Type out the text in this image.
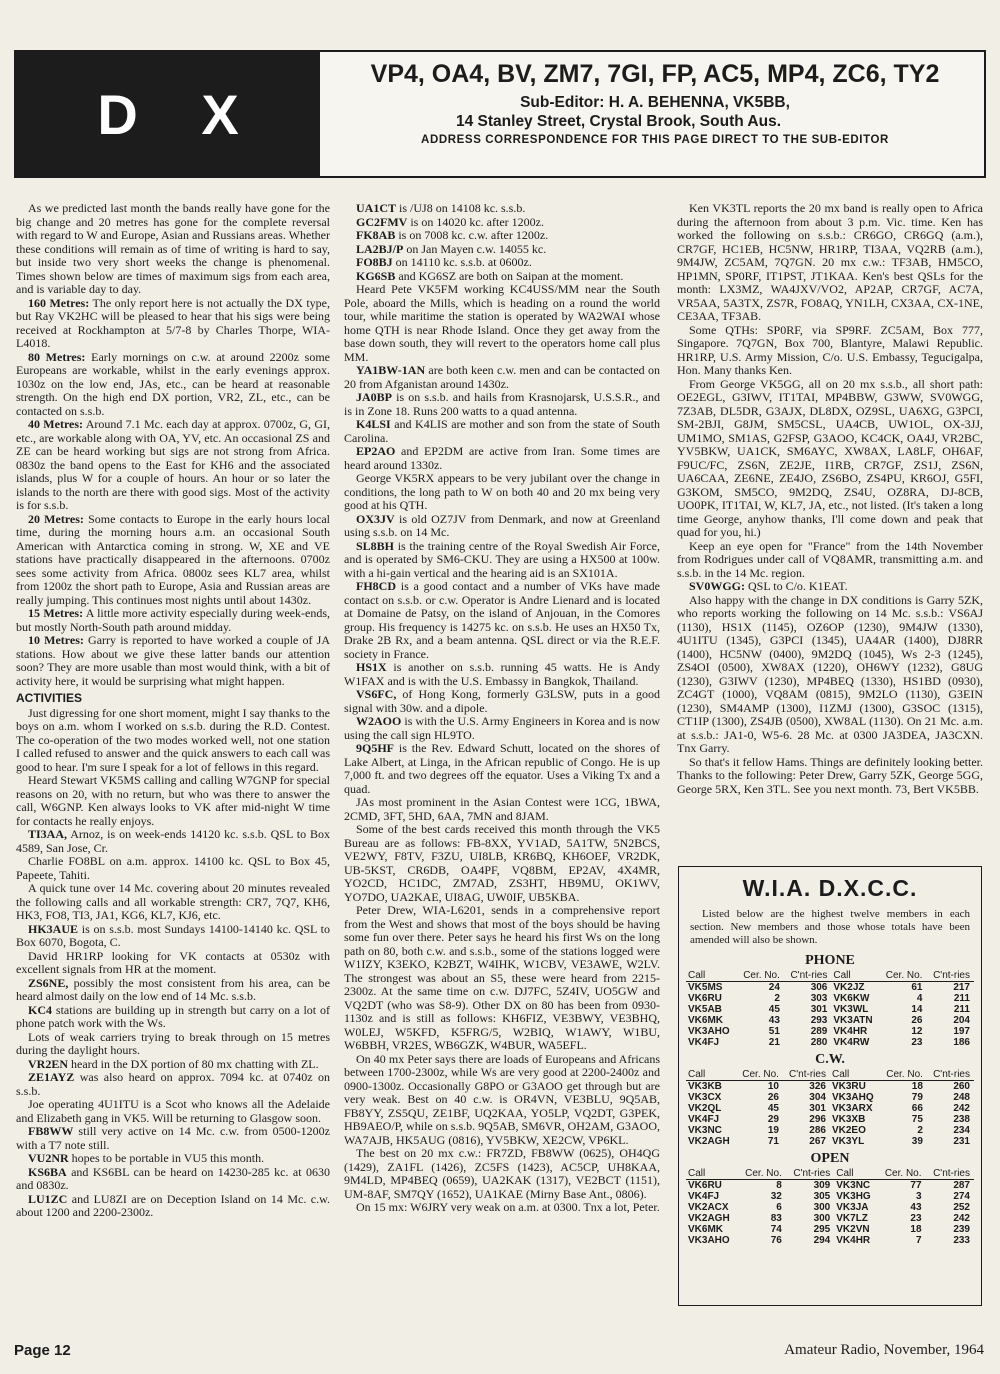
D X
VP4, OA4, BV, ZM7, 7GI, FP, AC5, MP4, ZC6, TY2
Sub-Editor: H. A. BEHENNA, VK5BB,
14 Stanley Street, Crystal Brook, South Aus.
ADDRESS CORRESPONDENCE FOR THIS PAGE DIRECT TO THE SUB-EDITOR

As we predicted last month the bands really have gone for the big change and 20 metres has gone for the complete reversal with regard to W and Europe, Asian and Russians areas. Whether these conditions will remain as of time of writing is hard to say, but inside two very short weeks the change is phenomenal. Times shown below are times of maximum sigs from each area, and is variable day to day.

160 Metres: The only report here is not actually the DX type, but Ray VK2HC will be pleased to hear that his sigs were being received at Rockhampton at 5/7-8 by Charles Thorpe, WIA-L4018.

80 Metres: Early mornings on c.w. at around 2200z some Europeans are workable, whilst in the early evenings approx. 1030z on the low end, JAs, etc., can be heard at reasonable strength. On the high end DX portion, VR2, ZL, etc., can be contacted on s.s.b.

40 Metres: Around 7.1 Mc. each day at approx. 0700z, G, GI, etc., are workable along with OA, YV, etc. An occasional ZS and ZE can be heard working but sigs are not strong from Africa. 0830z the band opens to the East for KH6 and the associated islands, plus W for a couple of hours. An hour or so later the islands to the north are there with good sigs. Most of the activity is for s.s.b.

20 Metres: Some contacts to Europe in the early hours local time, during the morning hours a.m. an occasional South American with Antarctica coming in strong. W, XE and VE stations have practically disappeared in the afternoons. 0700z sees some activity from Africa. 0800z sees KL7 area, whilst from 1200z the short path to Europe, Asia and Russian areas are really jumping. This continues most nights until about 1430z.

15 Metres: A little more activity especially during week-ends, but mostly North-South path around midday.

10 Metres: Garry is reported to have worked a couple of JA stations. How about we give these latter bands our attention soon? They are more usable than most would think, with a bit of activity here, it would be surprising what might happen.

ACTIVITIES

Just digressing for one short moment, might I say thanks to the boys on a.m. whom I worked on s.s.b. during the R.D. Contest. The co-operation of the two modes worked well, not one station I called refused to answer and the quick answers to each call was good to hear. I'm sure I speak for a lot of fellows in this regard.

Heard Stewart VK5MS calling and calling W7GNP for special reasons on 20, with no return, but who was there to answer the call, W6GNP. Ken always looks to VK after mid-night W time for contacts he really enjoys.

TI3AA, Arnoz, is on week-ends 14120 kc. s.s.b. QSL to Box 4589, San Jose, Cr.

Charlie FO8BL on a.m. approx. 14100 kc. QSL to Box 45, Papeete, Tahiti.

A quick tune over 14 Mc. covering about 20 minutes revealed the following calls and all workable strength: CR7, 7Q7, KH6, HK3, FO8, TI3, JA1, KG6, KL7, KJ6, etc.

HK3AUE is on s.s.b. most Sundays 14100-14140 kc. QSL to Box 6070, Bogota, C.

David HR1RP looking for VK contacts at 0530z with excellent signals from HR at the moment.

ZS6NE, possibly the most consistent from his area, can be heard almost daily on the low end of 14 Mc. s.s.b.

KC4 stations are building up in strength but carry on a lot of phone patch work with the Ws.

Lots of weak carriers trying to break through on 15 metres during the daylight hours.

VR2EN heard in the DX portion of 80 mx chatting with ZL.

ZE1AYZ was also heard on approx. 7094 kc. at 0740z on s.s.b.

Joe operating 4U1ITU is a Scot who knows all the Adelaide and Elizabeth gang in VK5. Will be returning to Glasgow soon.

FB8WW still very active on 14 Mc. c.w. from 0500-1200z with a T7 note still.

VU2NR hopes to be portable in VU5 this month.

KS6BA and KS6BL can be heard on 14230-285 kc. at 0630 and 0830z.

LU1ZC and LU8ZI are on Deception Island on 14 Mc. c.w. about 1200 and 2200-2300z.

UA1CT is /UJ8 on 14108 kc. s.s.b.

GC2FMV is on 14020 kc. after 1200z.

FK8AB is on 7008 kc. c.w. after 1200z.

LA2BJ/P on Jan Mayen c.w. 14055 kc.

FO8BJ on 14110 kc. s.s.b. at 0600z.

KG6SB and KG6SZ are both on Saipan at the moment.

Heard Pete VK5FM working KC4USS/MM near the South Pole, aboard the Mills, which is heading on a round the world tour, while maritime the station is operated by WA2WAI whose home QTH is near Rhode Island. Once they get away from the base down south, they will revert to the operators home call plus MM.

YA1BW-1AN are both keen c.w. men and can be contacted on 20 from Afganistan around 1430z.

JA0BP is on s.s.b. and hails from Krasnojarsk, U.S.S.R., and is in Zone 18. Runs 200 watts to a quad antenna.

K4LSI and K4LIS are mother and son from the state of South Carolina.

EP2AO and EP2DM are active from Iran. Some times are heard around 1330z.

George VK5RX appears to be very jubilant over the change in conditions, the long path to W on both 40 and 20 mx being very good at his QTH.

OX3JV is old OZ7JV from Denmark, and now at Greenland using s.s.b. on 14 Mc.

SL8BH is the training centre of the Royal Swedish Air Force, and is operated by SM6-CKU. They are using a HX500 at 100w. with a hi-gain vertical and the hearing aid is an SX101A.

FH8CD is a good contact and a number of VKs have made contact on s.s.b. or c.w. Operator is Andre Lienard and is located at Domaine de Patsy, on the island of Anjouan, in the Comores group. His frequency is 14275 kc. on s.s.b. He uses an HX50 Tx, Drake 2B Rx, and a beam antenna. QSL direct or via the R.E.F. society in France.

HS1X is another on s.s.b. running 45 watts. He is Andy W1FAX and is with the U.S. Embassy in Bangkok, Thailand.

VS6FC, of Hong Kong, formerly G3LSW, puts in a good signal with 30w. and a dipole.

W2AOO is with the U.S. Army Engineers in Korea and is now using the call sign HL9TO.

9Q5HF is the Rev. Edward Schutt, located on the shores of Lake Albert, at Linga, in the African republic of Congo. He is up 7,000 ft. and two degrees off the equator. Uses a Viking Tx and a quad.

JAs most prominent in the Asian Contest were 1CG, 1BWA, 2CMD, 3FT, 5HD, 6AA, 7MN and 8JAM.

Some of the best cards received this month through the VK5 Bureau are as follows: FB-8XX, YV1AD, 5A1TW, 5N2BCS, VE2WY, F8TV, F3ZU, UI8LB, KR6BQ, KH6OEF, VR2DK, UB-5KST, CR6DB, OA4PF, VQ8BM, EP2AV, 4X4MR, YO2CD, HC1DC, ZM7AD, ZS3HT, HB9MU, OK1WV, YO7DO, UA2KAE, UI8AG, UW0IF, UB5KBA.

Peter Drew, WIA-L6201, sends in a comprehensive report from the West and shows that most of the boys should be having some fun over there. Peter says he heard his first Ws on the long path on 80, both c.w. and s.s.b., some of the stations logged were W1IZY, K3EKO, K2BZT, W4IHK, W1CBV, VE3AWE, W2LV. The strongest was about an S5, these were heard from 2215-2300z. At the same time on c.w. DJ7FC, 5Z4IV, UO5GW and VQ2DT (who was S8-9). Other DX on 80 has been from 0930-1130z and is still as follows: KH6FIZ, VE3BWY, VE3BHQ, W0LEJ, W5KFD, K5FRG/5, W2BIQ, W1AWY, W1BU, W6BBH, VR2ES, WB6GZK, W4BUR, WA5EFL.

On 40 mx Peter says there are loads of Europeans and Africans between 1700-2300z, while Ws are very good at 2200-2400z and 0900-1300z. Occasionally G8PO or G3AOO get through but are very weak. Best on 40 c.w. is OR4VN, VE3BLU, 9Q5AB, FB8YY, ZS5QU, ZE1BF, UQ2KAA, YO5LP, VQ2DT, G3PEK, HB9AEO/P, while on s.s.b. 9Q5AB, SM6VR, OH2AM, G3AOO, WA7AJB, HK5AUG (0816), YV5BKW, XE2CW, VP6KL.

The best on 20 mx c.w.: FR7ZD, FB8WW (0625), OH4QG (1429), ZA1FL (1426), ZC5FS (1423), AC5CP, UH8KAA, 9M4LD, MP4BEQ (0659), UA2KAK (1317), VE2BCT (1151), UM-8AF, SM7QY (1652), UA1KAE (Mirny Base Ant., 0806).

On 15 mx: W6JRY very weak on a.m. at 0300. Tnx a lot, Peter.

Ken VK3TL reports the 20 mx band is really open to Africa during the afternoon from about 3 p.m. Vic. time. Ken has worked the following on s.s.b.: CR6GO, CR6GQ (a.m.), CR7GF, HC1EB, HC5NW, HR1RP, TI3AA, VQ2RB (a.m.), 9M4JW, ZC5AM, 7Q7GN. 20 mx c.w.: TF3AB, HM5CO, HP1MN, SP0RF, IT1PST, JT1KAA. Ken's best QSLs for the month: LX3MZ, WA4JXV/VO2, AP2AP, CR7GF, AC7A, VR5AA, 5A3TX, ZS7R, FO8AQ, YN1LH, CX3AA, CX-1NE, CE3AA, TF3AB.

Some QTHs: SP0RF, via SP9RF. ZC5AM, Box 777, Singapore. 7Q7GN, Box 700, Blantyre, Malawi Republic. HR1RP, U.S. Army Mission, C/o. U.S. Embassy, Tegucigalpa, Hon. Many thanks Ken.

From George VK5GG, all on 20 mx s.s.b., all short path: OE2EGL, G3IWV, IT1TAI, MP4BBW, G3WW, SV0WGG, 7Z3AB, DL5DR, G3AJX, DL8DX, OZ9SL, UA6XG, G3PCI, SM-2BJI, G8JM, SM5CSL, UA4CB, UW1OL, OX-3JJ, UM1MO, SM1AS, G2FSP, G3AOO, KC4CK, OA4J, VR2BC, YV5BKW, UA1CK, SM6AYC, XW8AX, LA8LF, OH6AF, F9UC/FC, ZS6N, ZE2JE, I1RB, CR7GF, ZS1J, ZS6N, UA6CAA, ZE6NE, ZE4JO, ZS6BO, ZS4PU, KR6OJ, G5FI, G3KOM, SM5CO, 9M2DQ, ZS4U, OZ8RA, DJ-8CB, UO0PK, IT1TAI, W, KL7, JA, etc., not listed. (It's taken a long time George, anyhow thanks, I'll come down and peak that quad for you, hi.)

Keep an eye open for "France" from the 14th November from Rodrigues under call of VQ8AMR, transmitting a.m. and s.s.b. in the 14 Mc. region.

SV0WGG: QSL to C/o. K1EAT.

Also happy with the change in DX conditions is Garry 5ZK, who reports working the following on 14 Mc. s.s.b.: VS6AJ (1130), HS1X (1145), OZ6OP (1230), 9M4JW (1330), 4U1ITU (1345), G3PCI (1345), UA4AR (1400), DJ8RR (1400), HC5NW (0400), 9M2DQ (1045), Ws 2-3 (1245), ZS4OI (0500), XW8AX (1220), OH6WY (1232), G8UG (1230), G3IWV (1230), MP4BEQ (1330), HS1BD (0930), ZC4GT (1000), VQ8AM (0815), 9M2LO (1130), G3EIN (1230), SM4AMP (1300), I1ZMJ (1300), G3SOC (1315), CT1IP (1300), ZS4JB (0500), XW8AL (1130). On 21 Mc. a.m. at s.s.b.: JA1-0, W5-6. 28 Mc. at 0300 JA3DEA, JA3CXN. Tnx Garry.

So that's it fellow Hams. Things are definitely looking better. Thanks to the following: Peter Drew, Garry 5ZK, George 5GG, George 5RX, Ken 3TL. See you next month. 73, Bert VK5BB.

W.I.A. D.X.C.C.
Listed below are the highest twelve members in each section. New members and those whose totals have been amended will also be shown.
PHONE
Call	Cer. No.	C'nt-ries	Call	Cer. No.	C'nt-ries
VK5MS	24	306	VK2JZ	61	217
VK6RU	2	303	VK6KW	4	211
VK5AB	45	301	VK3WL	14	211
VK6MK	43	293	VK3ATN	26	204
VK3AHO	51	289	VK4HR	12	197
VK4FJ	21	280	VK4RW	23	186
C.W.
Call	Cer. No.	C'nt-ries	Call	Cer. No.	C'nt-ries
VK3KB	10	326	VK3RU	18	260
VK3CX	26	304	VK3AHQ	79	248
VK2QL	45	301	VK3ARX	66	242
VK4FJ	29	296	VK3XB	75	238
VK3NC	19	286	VK2EO	2	234
VK2AGH	71	267	VK3YL	39	231
OPEN
Call	Cer. No.	C'nt-ries	Call	Cer. No.	C'nt-ries
VK6RU	8	309	VK3NC	77	287
VK4FJ	32	305	VK3HG	3	274
VK2ACX	6	300	VK3JA	43	252
VK2AGH	83	300	VK7LZ	23	242
VK6MK	74	295	VK2VN	18	239
VK3AHO	76	294	VK4HR	7	233
Page 12	Amateur Radio, November, 1964
